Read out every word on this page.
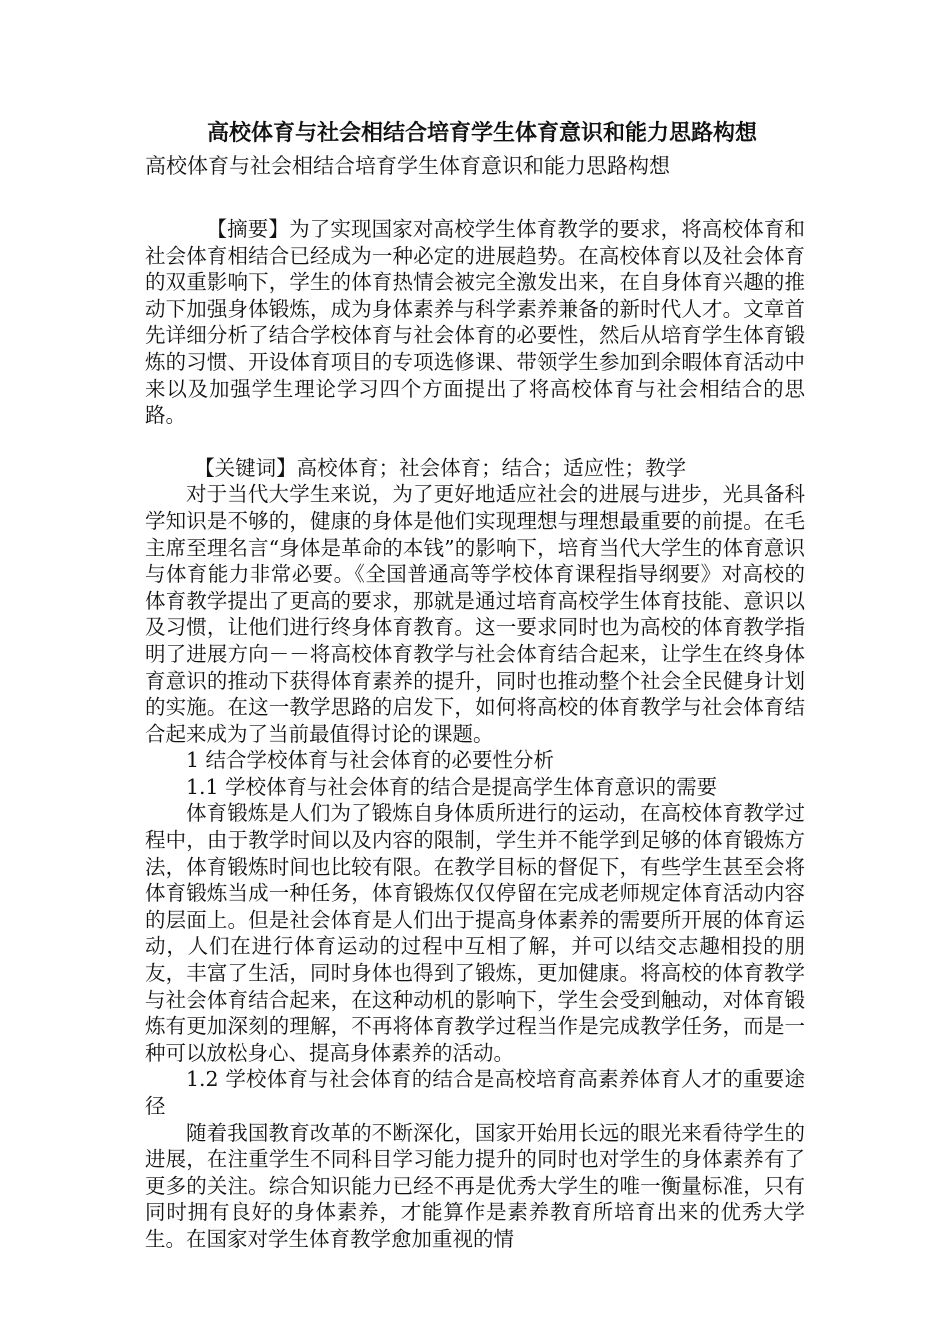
高校体育与社会相结合培育学生体育意识和能力思路构想

高校体育与社会相结合培育学生体育意识和能力思路构想

【摘要】为了实现国家对高校学生体育教学的要求，将高校体育和社会体育相结合已经成为一种必定的进展趋势。在高校体育以及社会体育的双重影响下，学生的体育热情会被完全激发出来，在自身体育兴趣的推动下加强身体锻炼，成为身体素养与科学素养兼备的新时代人才。文章首先详细分析了结合学校体育与社会体育的必要性，然后从培育学生体育锻炼的习惯、开设体育项目的专项选修课、带领学生参加到余暇体育活动中来以及加强学生理论学习四个方面提出了将高校体育与社会相结合的思路。

【关键词】高校体育；社会体育；结合；适应性；教学

对于当代大学生来说，为了更好地适应社会的进展与进步，光具备科学知识是不够的，健康的身体是他们实现理想与理想最重要的前提。在毛主席至理名言“身体是革命的本钱”的影响下，培育当代大学生的体育意识与体育能力非常必要。《全国普通高等学校体育课程指导纲要》对高校的体育教学提出了更高的要求，那就是通过培育高校学生体育技能、意识以及习惯，让他们进行终身体育教育。这一要求同时也为高校的体育教学指明了进展方向－－将高校体育教学与社会体育结合起来，让学生在终身体育意识的推动下获得体育素养的提升，同时也推动整个社会全民健身计划的实施。在这一教学思路的启发下，如何将高校的体育教学与社会体育结合起来成为了当前最值得讨论的课题。

1 结合学校体育与社会体育的必要性分析

1.1 学校体育与社会体育的结合是提高学生体育意识的需要

体育锻炼是人们为了锻炼自身体质所进行的运动，在高校体育教学过程中，由于教学时间以及内容的限制，学生并不能学到足够的体育锻炼方法，体育锻炼时间也比较有限。在教学目标的督促下，有些学生甚至会将体育锻炼当成一种任务，体育锻炼仅仅停留在完成老师规定体育活动内容的层面上。但是社会体育是人们出于提高身体素养的需要所开展的体育运动，人们在进行体育运动的过程中互相了解，并可以结交志趣相投的朋友，丰富了生活，同时身体也得到了锻炼，更加健康。将高校的体育教学与社会体育结合起来，在这种动机的影响下，学生会受到触动，对体育锻炼有更加深刻的理解，不再将体育教学过程当作是完成教学任务，而是一种可以放松身心、提高身体素养的活动。

1.2 学校体育与社会体育的结合是高校培育高素养体育人才的重要途径

随着我国教育改革的不断深化，国家开始用长远的眼光来看待学生的进展，在注重学生不同科目学习能力提升的同时也对学生的身体素养有了更多的关注。综合知识能力已经不再是优秀大学生的唯一衡量标准，只有同时拥有良好的身体素养，才能算作是素养教育所培育出来的优秀大学生。在国家对学生体育教学愈加重视的情
